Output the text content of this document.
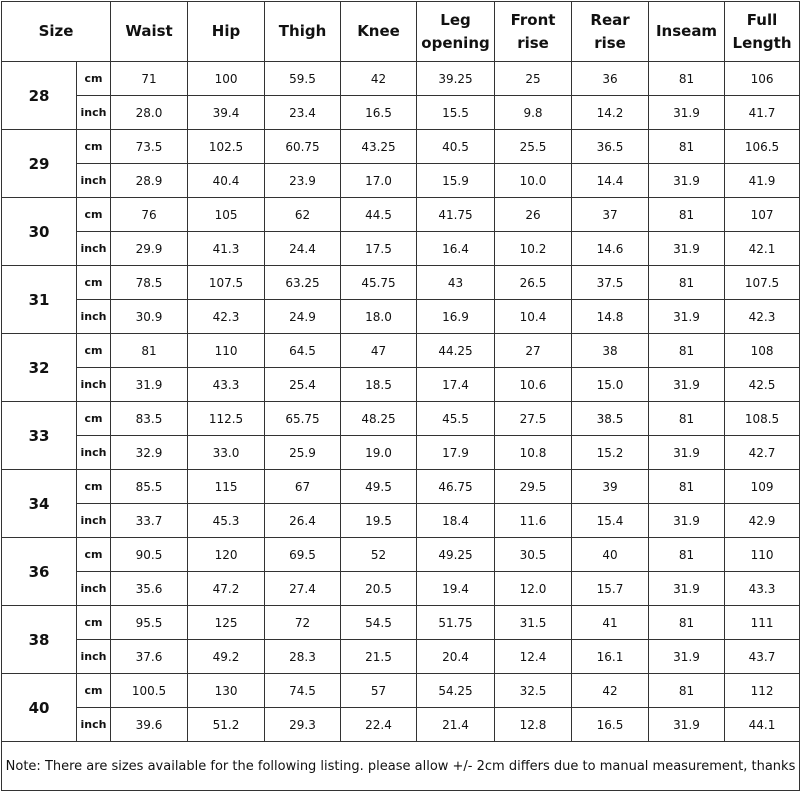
Size		Waist	Hip	Thigh	Knee	Leg opening	Front rise	Rear rise	Inseam	Full Length
28	cm	71	100	59.5	42	39.25	25	36	81	106
	inch	28.0	39.4	23.4	16.5	15.5	9.8	14.2	31.9	41.7
29	cm	73.5	102.5	60.75	43.25	40.5	25.5	36.5	81	106.5
	inch	28.9	40.4	23.9	17.0	15.9	10.0	14.4	31.9	41.9
30	cm	76	105	62	44.5	41.75	26	37	81	107
	inch	29.9	41.3	24.4	17.5	16.4	10.2	14.6	31.9	42.1
31	cm	78.5	107.5	63.25	45.75	43	26.5	37.5	81	107.5
	inch	30.9	42.3	24.9	18.0	16.9	10.4	14.8	31.9	42.3
32	cm	81	110	64.5	47	44.25	27	38	81	108
	inch	31.9	43.3	25.4	18.5	17.4	10.6	15.0	31.9	42.5
33	cm	83.5	112.5	65.75	48.25	45.5	27.5	38.5	81	108.5
	inch	32.9	33.0	25.9	19.0	17.9	10.8	15.2	31.9	42.7
34	cm	85.5	115	67	49.5	46.75	29.5	39	81	109
	inch	33.7	45.3	26.4	19.5	18.4	11.6	15.4	31.9	42.9
36	cm	90.5	120	69.5	52	49.25	30.5	40	81	110
	inch	35.6	47.2	27.4	20.5	19.4	12.0	15.7	31.9	43.3
38	cm	95.5	125	72	54.5	51.75	31.5	41	81	111
	inch	37.6	49.2	28.3	21.5	20.4	12.4	16.1	31.9	43.7
40	cm	100.5	130	74.5	57	54.25	32.5	42	81	112
	inch	39.6	51.2	29.3	22.4	21.4	12.8	16.5	31.9	44.1
Note: There are sizes available for the following listing. please allow +/- 2cm differs due to manual measurement, thanks										
